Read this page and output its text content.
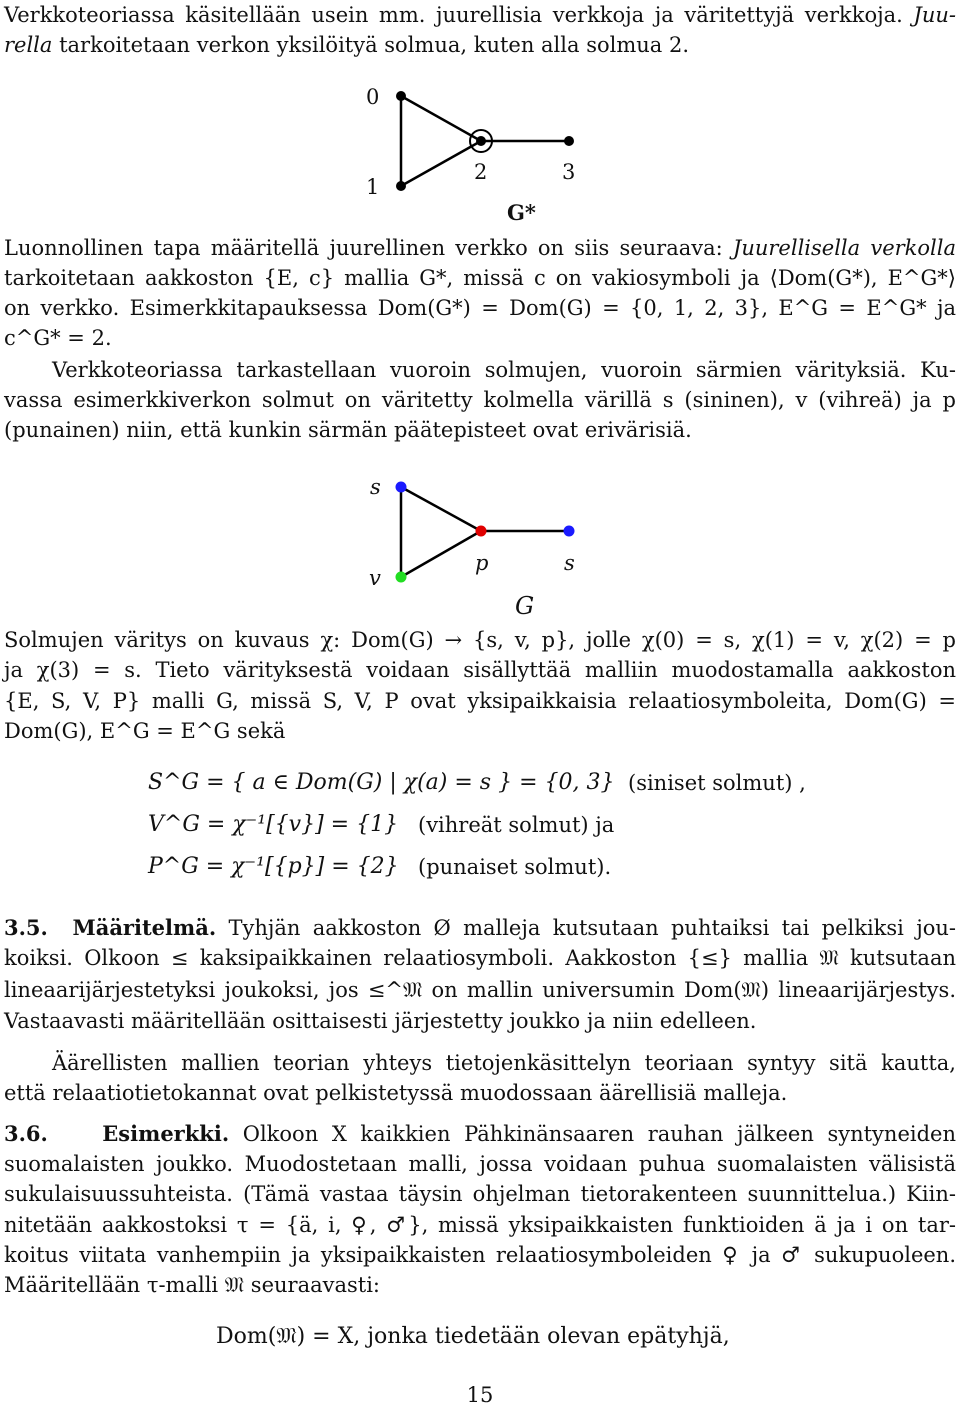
Verkkoteoriassa käsitellään usein mm. juurellisia verkkoja ja väritettyjä verkkoja. Juu-
rella tarkoitetaan verkon yksilöityä solmua, kuten alla solmua 2.
0
1
2	3
G*
Luonnollinen tapa määritellä juurellinen verkko on siis seuraava: Juurellisella verkolla
tarkoitetaan aakkoston {E, c} mallia G*, missä c on vakiosymboli ja ⟨Dom(G*), E^G*⟩
on verkko. Esimerkkitapauksessa Dom(G*) = Dom(G) = {0, 1, 2, 3}, E^G = E^G* ja
c^G* = 2.
Verkkoteoriassa tarkastellaan vuoroin solmujen, vuoroin särmien värityksiä. Ku-
vassa esimerkkiverkon solmut on väritetty kolmella värillä s (sininen), v (vihreä) ja p
(punainen) niin, että kunkin särmän päätepisteet ovat erivärisiä.
s
v
p	s
G
Solmujen väritys on kuvaus χ: Dom(G) → {s, v, p}, jolle χ(0) = s, χ(1) = v, χ(2) = p
ja χ(3) = s. Tieto värityksestä voidaan sisällyttää malliin muodostamalla aakkoston
{E, S, V, P} malli G, missä S, V, P ovat yksipaikkaisia relaatiosymboleita, Dom(G) =
Dom(G), E^G = E^G sekä
S^G = { a ∈ Dom(G) | χ(a) = s } = {0, 3} (siniset solmut) ,
V^G = χ⁻¹[{v}] = {1} (vihreät solmut) ja
P^G = χ⁻¹[{p}] = {2} (punaiset solmut).
3.5. Määritelmä. Tyhjän aakkoston Ø malleja kutsutaan puhtaiksi tai pelkiksi jou-
koiksi. Olkoon ≤ kaksipaikkainen relaatiosymboli. Aakkoston {≤} mallia 𝔐 kutsutaan
lineaarijärjestetyksi joukoksi, jos ≤^𝔐 on mallin universumin Dom(𝔐) lineaarijärjestys.
Vastaavasti määritellään osittaisesti järjestetty joukko ja niin edelleen.
Äärellisten mallien teorian yhteys tietojenkäsittelyn teoriaan syntyy sitä kautta,
että relaatiotietokannat ovat pelkistetyssä muodossaan äärellisiä malleja.
3.6.	Esimerkki. Olkoon X kaikkien Pähkinänsaaren rauhan jälkeen syntyneiden
suomalaisten joukko. Muodostetaan malli, jossa voidaan puhua suomalaisten välisistä
sukulaisuussuhteista. (Tämä vastaa täysin ohjelman tietorakenteen suunnittelua.) Kiin-
nitetään aakkostoksi τ = {ä, i, ♀, ♂}, missä yksipaikkaisten funktioiden ä ja i on tar-
koitus viitata vanhempiin ja yksipaikkaisten relaatiosymboleiden ♀ ja ♂ sukupuoleen.
Määritellään τ-malli 𝔐 seuraavasti:
Dom(𝔐) = X, jonka tiedetään olevan epätyhjä,
15
